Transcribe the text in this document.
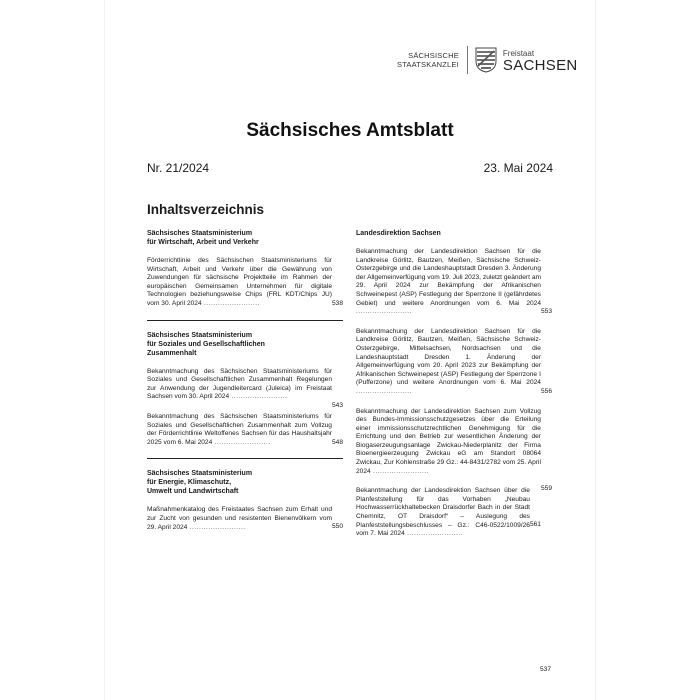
SÄCHSISCHE
STAATSKANZLEI
Freistaat
SACHSEN
Sächsisches Amtsblatt
Nr. 21/2024	23. Mai 2024
Inhaltsverzeichnis
Sächsisches Staatsministerium
für Wirtschaft, Arbeit und Verkehr
538
Förderrichtlinie des Sächsischen Staatsministeriums für Wirtschaft, Arbeit und Verkehr über die Gewährung von Zuwendungen für sächsische Projektteile im Rahmen der europäischen Gemeinsamen Unternehmen für digitale Technologien beziehungsweise Chips (FRL KDT/Chips JU) vom 30. April 2024 .....
Sächsisches Staatsministerium
für Soziales und Gesellschaftlichen
Zusammenhalt
543
Bekanntmachung des Sächsischen Staatsministeriums für Soziales und Gesellschaftlichen Zusammenhalt Regelungen zur Anwendung der Jugendleitercard (Juleica) im Freistaat Sachsen vom 30. April 2024 .....
548
Bekanntmachung des Sächsischen Staatsministeriums für Soziales und Gesellschaftlichen Zusammenhalt zum Vollzug der Förderrichtlinie Weltoffenes Sachsen für das Haushaltsjahr 2025 vom 6. Mai 2024 .....
Sächsisches Staatsministerium
für Energie, Klimaschutz,
Umwelt und Landwirtschaft
550
Maßnahmenkatalog des Freistaates Sachsen zum Erhalt und zur Zucht von gesunden und resistenten Bienenvölkern vom 29. April 2024 .....
Landesdirektion Sachsen
553
Bekanntmachung der Landesdirektion Sachsen für die Landkreise Görlitz, Bautzen, Meißen, Sächsische Schweiz-Osterzgebirge und die Landeshauptstadt Dresden 3. Änderung der Allgemeinverfügung vom 19. Juli 2023, zuletzt geändert am 29. April 2024 zur Bekämpfung der Afrikanischen Schweinepest (ASP) Festlegung der Sperrzone II (gefährdetes Gebiet) und weitere Anordnungen vom 6. Mai 2024 .....
556
Bekanntmachung der Landesdirektion Sachsen für die Landkreise Görlitz, Bautzen, Meißen, Sächsische Schweiz-Osterzgebirge, Mittelsachsen, Nordsachsen und die Landeshauptstadt Dresden 1. Änderung der Allgemeinverfügung vom 20. April 2023 zur Bekämpfung der Afrikanischen Schweinepest (ASP) Festlegung der Sperrzone I (Pufferzone) und weitere Anordnungen vom 6. Mai 2024 .....
559
Bekanntmachung der Landesdirektion Sachsen zum Vollzug des Bundes-Immissionsschutzgesetzes über die Erteilung einer immissionsschutzrechtlichen Genehmigung für die Errichtung und den Betrieb zur wesentlichen Änderung der Biogaserzeugungsanlage Zwickau-Niederplanitz der Firma Bioenergieerzeugung Zwickau eG am Standort 08064 Zwickau, Zur Kohlenstraße 29 Gz.: 44-8431/2782 vom 25. April 2024 .....
561
Bekanntmachung der Landesdirektion Sachsen über die Planfeststellung für das Vorhaben „Neubau Hochwasserrückhaltebecken Draisdorfer Bach in der Stadt Chemnitz, OT Draisdorf“ – Auslegung des Planfeststellungsbeschlusses – Gz.: C46-0522/1009/26 vom 7. Mai 2024 .....
537
